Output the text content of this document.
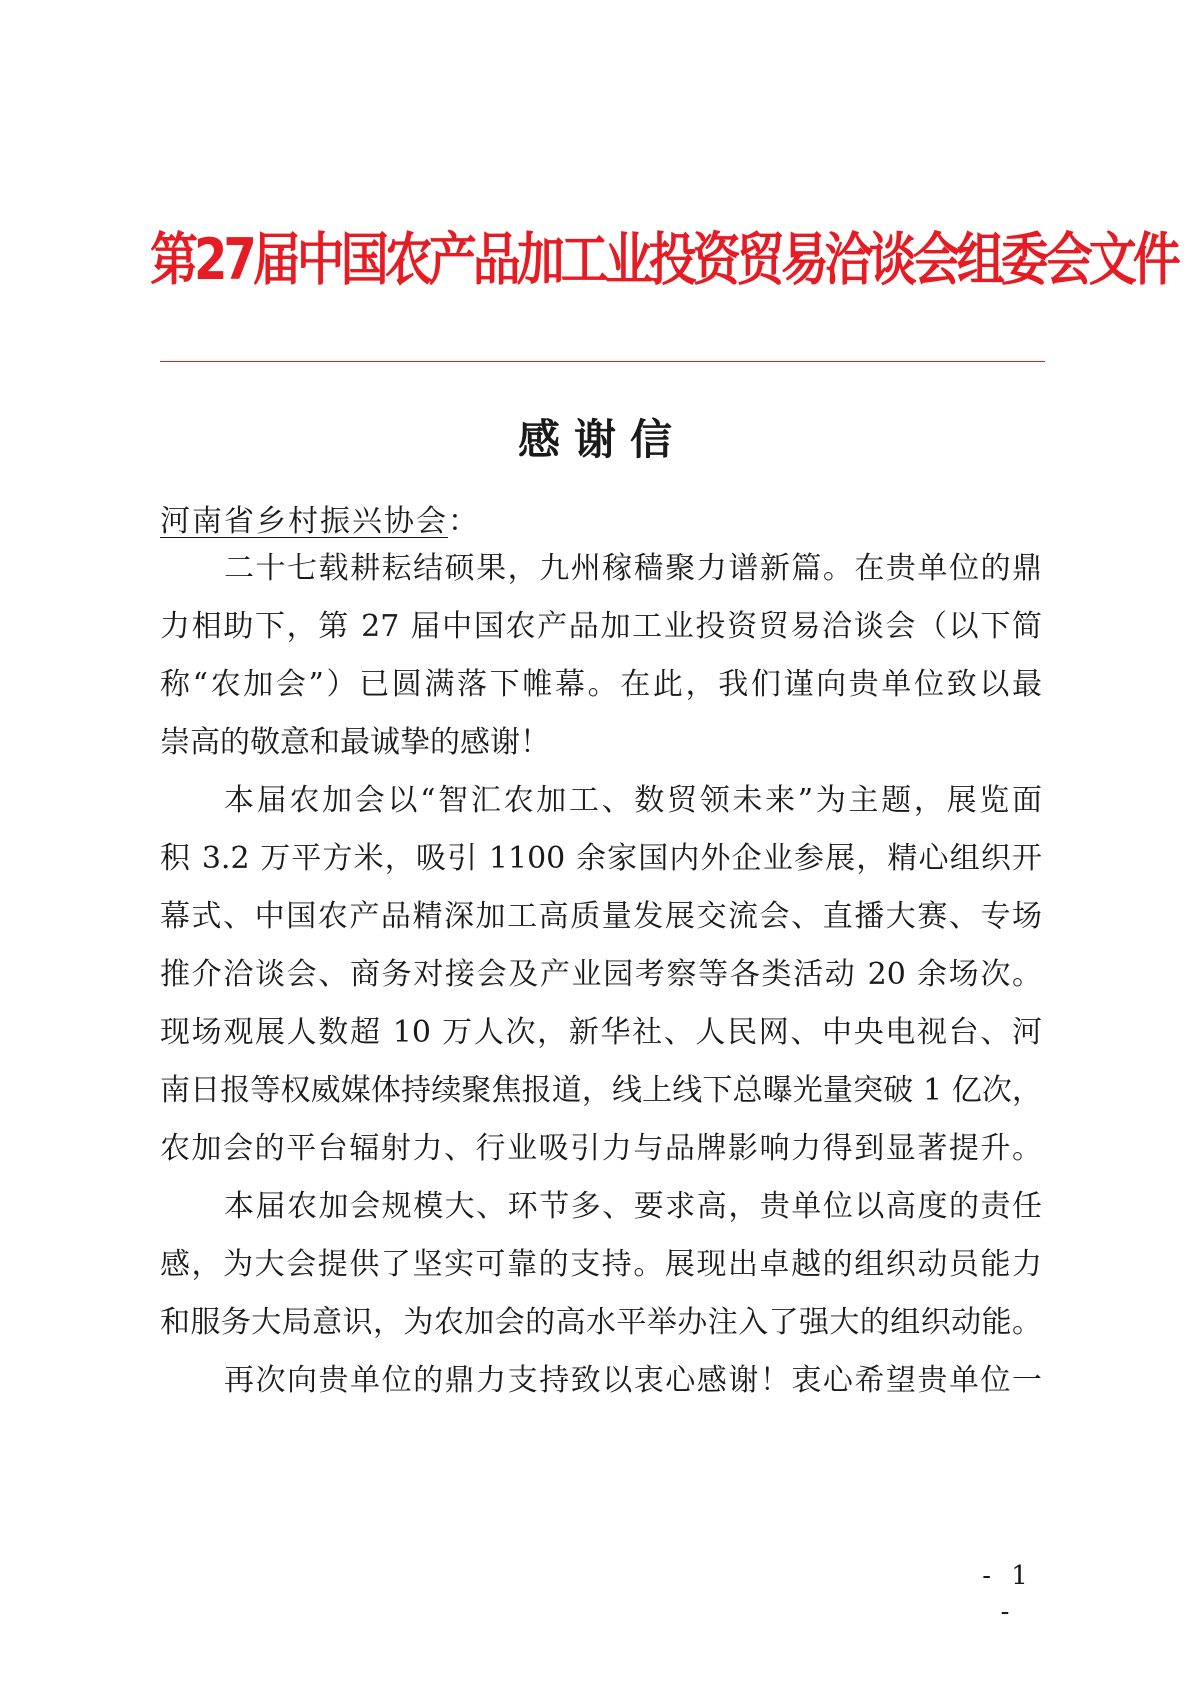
第27届中国农产品加工业投资贸易洽谈会组委会文件
感谢信
河南省乡村振兴协会：
二十七载耕耘结硕果，九州稼穑聚力谱新篇。在贵单位的鼎
力相助下，第 27 届中国农产品加工业投资贸易洽谈会（以下简
称“农加会”）已圆满落下帷幕。在此，我们谨向贵单位致以最
崇高的敬意和最诚挚的感谢！
本届农加会以“智汇农加工、数贸领未来”为主题，展览面
积 3.2 万平方米，吸引 1100 余家国内外企业参展，精心组织开
幕式、中国农产品精深加工高质量发展交流会、直播大赛、专场
推介洽谈会、商务对接会及产业园考察等各类活动 20 余场次。
现场观展人数超 10 万人次，新华社、人民网、中央电视台、河
南日报等权威媒体持续聚焦报道，线上线下总曝光量突破 1 亿次，
农加会的平台辐射力、行业吸引力与品牌影响力得到显著提升。
本届农加会规模大、环节多、要求高，贵单位以高度的责任
感，为大会提供了坚实可靠的支持。展现出卓越的组织动员能力
和服务大局意识，为农加会的高水平举办注入了强大的组织动能。
再次向贵单位的鼎力支持致以衷心感谢！衷心希望贵单位一
- 1 -
